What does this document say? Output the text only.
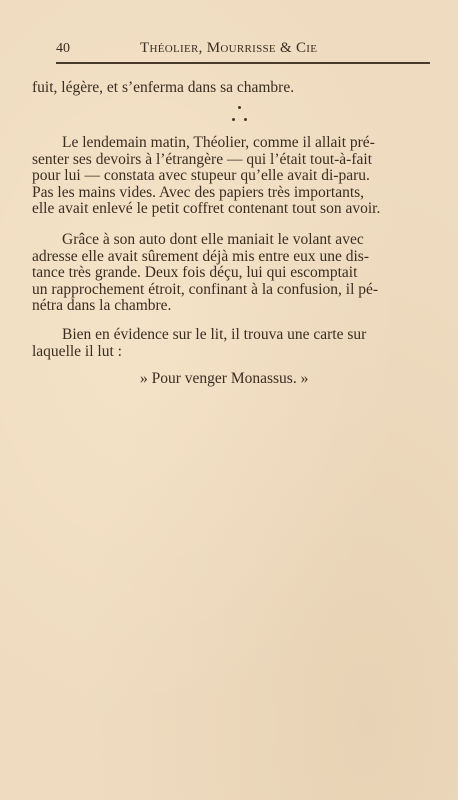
40	Théolier, Mourrisse & Cie
fuit, légère, et s’enferma dans sa chambre.
Le lendemain matin, Théolier, comme il allait pré-
senter ses devoirs à l’étrangère — qui l’était tout-à-fait
pour lui — constata avec stupeur qu’elle avait di-paru.
Pas les mains vides. Avec des papiers très importants,
elle avait enlevé le petit coffret contenant tout son avoir.
Grâce à son auto dont elle maniait le volant avec
adresse elle avait sûrement déjà mis entre eux une dis-
tance très grande. Deux fois déçu, lui qui escomptait
un rapprochement étroit, confinant à la confusion, il pé-
nétra dans la chambre.
Bien en évidence sur le lit, il trouva une carte sur
laquelle il lut :
» Pour venger Monassus. »
